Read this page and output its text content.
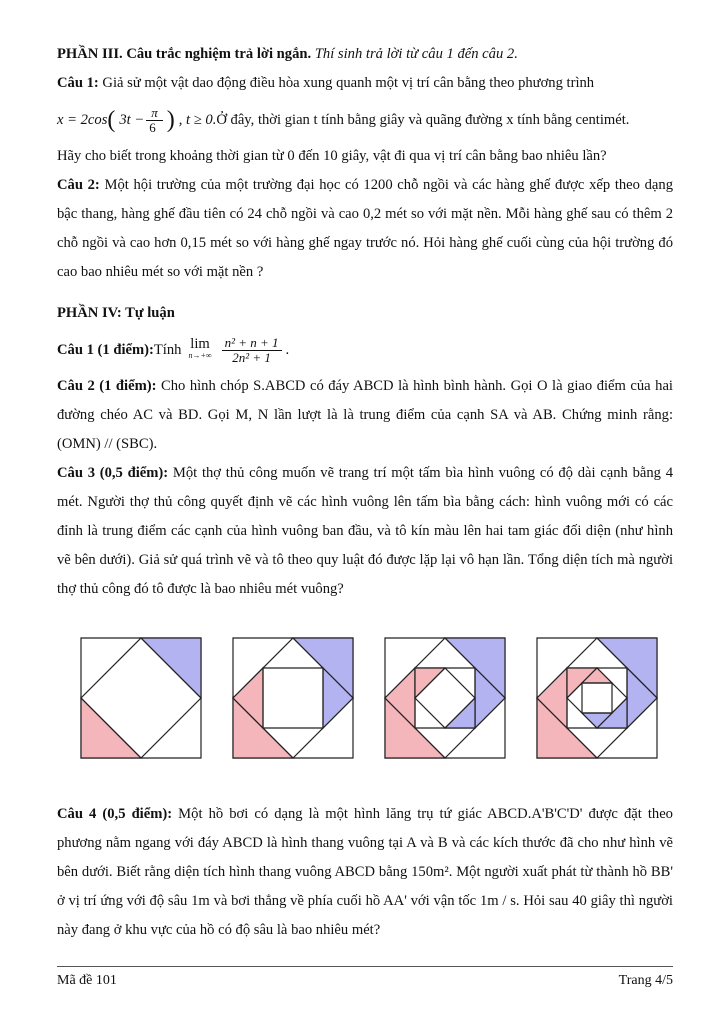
PHẦN III. Câu trắc nghiệm trả lời ngắn. Thí sinh trả lời từ câu 1 đến câu 2.

Câu 1: Giả sử một vật dao động điều hòa xung quanh một vị trí cân bằng theo phương trình

x = 2cos ( $3t - \frac{\pi}{6}$ ) , t ≥ 0. Ở đây, thời gian t tính bằng giây và quãng đường x tính bằng centimét.

Hãy cho biết trong khoảng thời gian từ 0 đến 10 giây, vật đi qua vị trí cân bằng bao nhiêu lần?

Câu 2: Một hội trường của một trường đại học có 1200 chỗ ngồi và các hàng ghế được xếp theo dạng bậc thang, hàng ghế đầu tiên có 24 chỗ ngồi và cao 0,2 mét so với mặt nền. Mỗi hàng ghế sau có thêm 2 chỗ ngồi và cao hơn 0,15 mét so với hàng ghế ngay trước nó. Hỏi hàng ghế cuối cùng của hội trường đó cao bao nhiêu mét so với mặt nền ?

PHẦN IV: Tự luận

Câu 1 (1 điểm): Tính lim
$n\to+\infty \frac{\text{n² + n + 1}}{\text{2n² + 1}}$ .

Câu 2 (1 điểm): Cho hình chóp S.ABCD có đáy ABCD là hình bình hành. Gọi O là giao điểm của hai đường chéo AC và BD. Gọi M, N lần lượt là là trung điểm của cạnh SA và AB. Chứng minh rằng: (OMN) // (SBC).

Câu 3 (0,5 điểm): Một thợ thủ công muốn vẽ trang trí một tấm bìa hình vuông có độ dài cạnh bằng 4 mét. Người thợ thủ công quyết định vẽ các hình vuông lên tấm bìa bằng cách: hình vuông mới có các đỉnh là trung điểm các cạnh của hình vuông ban đầu, và tô kín màu lên hai tam giác đối diện (như hình vẽ bên dưới). Giả sử quá trình vẽ và tô theo quy luật đó được lặp lại vô hạn lần. Tổng diện tích mà người thợ thủ công đó tô được là bao nhiêu mét vuông?

Câu 4 (0,5 điểm): Một hồ bơi có dạng là một hình lăng trụ tứ giác ABCD.A'B'C'D' được đặt theo phương nằm ngang với đáy ABCD là hình thang vuông tại A và B và các kích thước đã cho như hình vẽ bên dưới. Biết rằng diện tích hình thang vuông ABCD bằng 150m². Một người xuất phát từ thành hồ BB' ở vị trí ứng với độ sâu 1m và bơi thẳng về phía cuối hồ AA' với vận tốc 1m / s. Hỏi sau 40 giây thì người này đang ở khu vực của hồ có độ sâu là bao nhiêu mét?

Mã đề 101	Trang 4/5
